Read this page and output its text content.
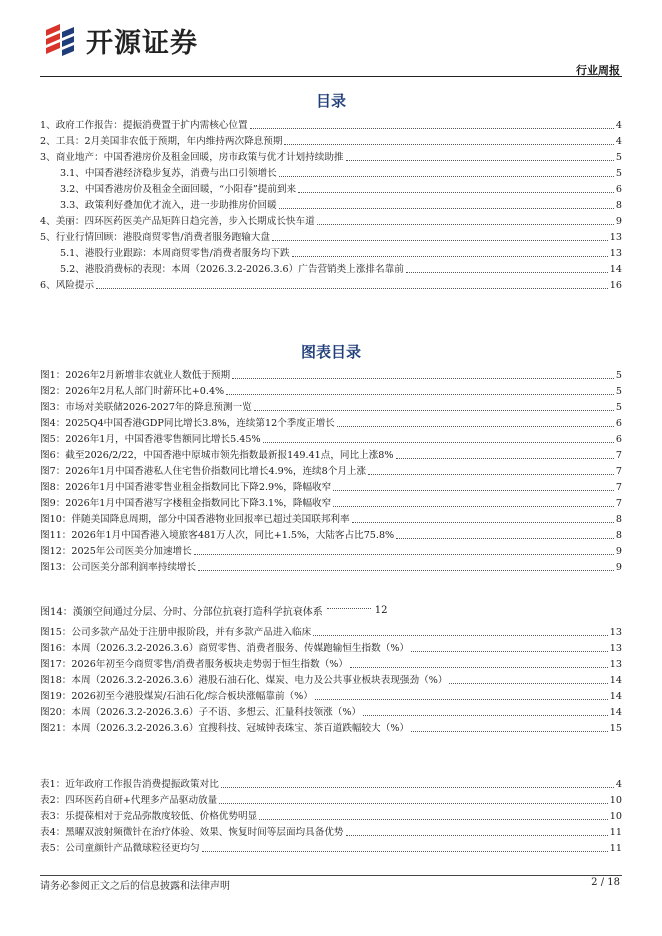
开源证券
行业周报
目录
1、政府工作报告：提振消费置于扩内需核心位置	4
2、工具：2月美国非农低于预期，年内维持两次降息预期	4
3、商业地产：中国香港房价及租金回暖，房市政策与优才计划持续助推	5
3.1、中国香港经济稳步复苏，消费与出口引领增长	5
3.2、中国香港房价及租金全面回暖，“小阳春”提前到来	6
3.3、政策利好叠加优才流入，进一步助推房价回暖	8
4、美丽：四环医药医美产品矩阵日趋完善，步入长期成长快车道	9
5、行业行情回顾：港股商贸零售/消费者服务跑输大盘	13
5.1、港股行业跟踪：本周商贸零售/消费者服务均下跌	13
5.2、港股消费标的表现：本周（2026.3.2-2026.3.6）广告营销类上涨排名靠前	14
6、风险提示	16
图表目录
图1：2026年2月新增非农就业人数低于预期	5
图2：2026年2月私人部门时薪环比+0.4%	5
图3：市场对美联储2026-2027年的降息预测一览	5
图4：2025Q4中国香港GDP同比增长3.8%，连续第12个季度正增长	6
图5：2026年1月，中国香港零售额同比增长5.45%	6
图6：截至2026/2/22，中国香港中原城市领先指数最新报149.41点，同比上涨8%	7
图7：2026年1月中国香港私人住宅售价指数同比增长4.9%，连续8个月上涨	7
图8：2026年1月中国香港零售业租金指数同比下降2.9%，降幅收窄	7
图9：2026年1月中国香港写字楼租金指数同比下降3.1%，降幅收窄	7
图10：伴随美国降息周期，部分中国香港物业回报率已超过美国联邦利率	8
图11：2026年1月中国香港入境旅客481万人次，同比+1.5%，大陆客占比75.8%	8
图12：2025年公司医美分加速增长	9
图13：公司医美分部利润率持续增长	9
图14：漢颁空间通过分层、分时、分部位抗衰打造科学抗衰体系	12
图15：公司多款产品处于注册申报阶段，并有多款产品进入临床	13
图16：本周（2026.3.2-2026.3.6）商贸零售、消费者服务、传媒跑输恒生指数（%）	13
图17：2026年初至今商贸零售/消费者服务板块走势弱于恒生指数（%）	13
图18：本周（2026.3.2-2026.3.6）港股石油石化、煤炭、电力及公共事业板块表现强劲（%）	14
图19：2026初至今港股煤炭/石油石化/综合板块涨幅靠前（%）	14
图20：本周（2026.3.2-2026.3.6）子不语、多想云、汇量科技领涨（%）	14
图21：本周（2026.3.2-2026.3.6）宜搜科技、冠城钟表珠宝、茶百道跌幅较大（%）	15
表1：近年政府工作报告消费提振政策对比	4
表2：四环医药自研+代理多产品驱动放量	10
表3：乐提葆相对于竞品弥散度较低、价格优势明显	10
表4：黑曜双波射频微针在治疗体验、效果、恢复时间等层面均具备优势	11
表5：公司童颜针产品微球粒径更均匀	11
请务必参阅正文之后的信息披露和法律声明	2 / 18
